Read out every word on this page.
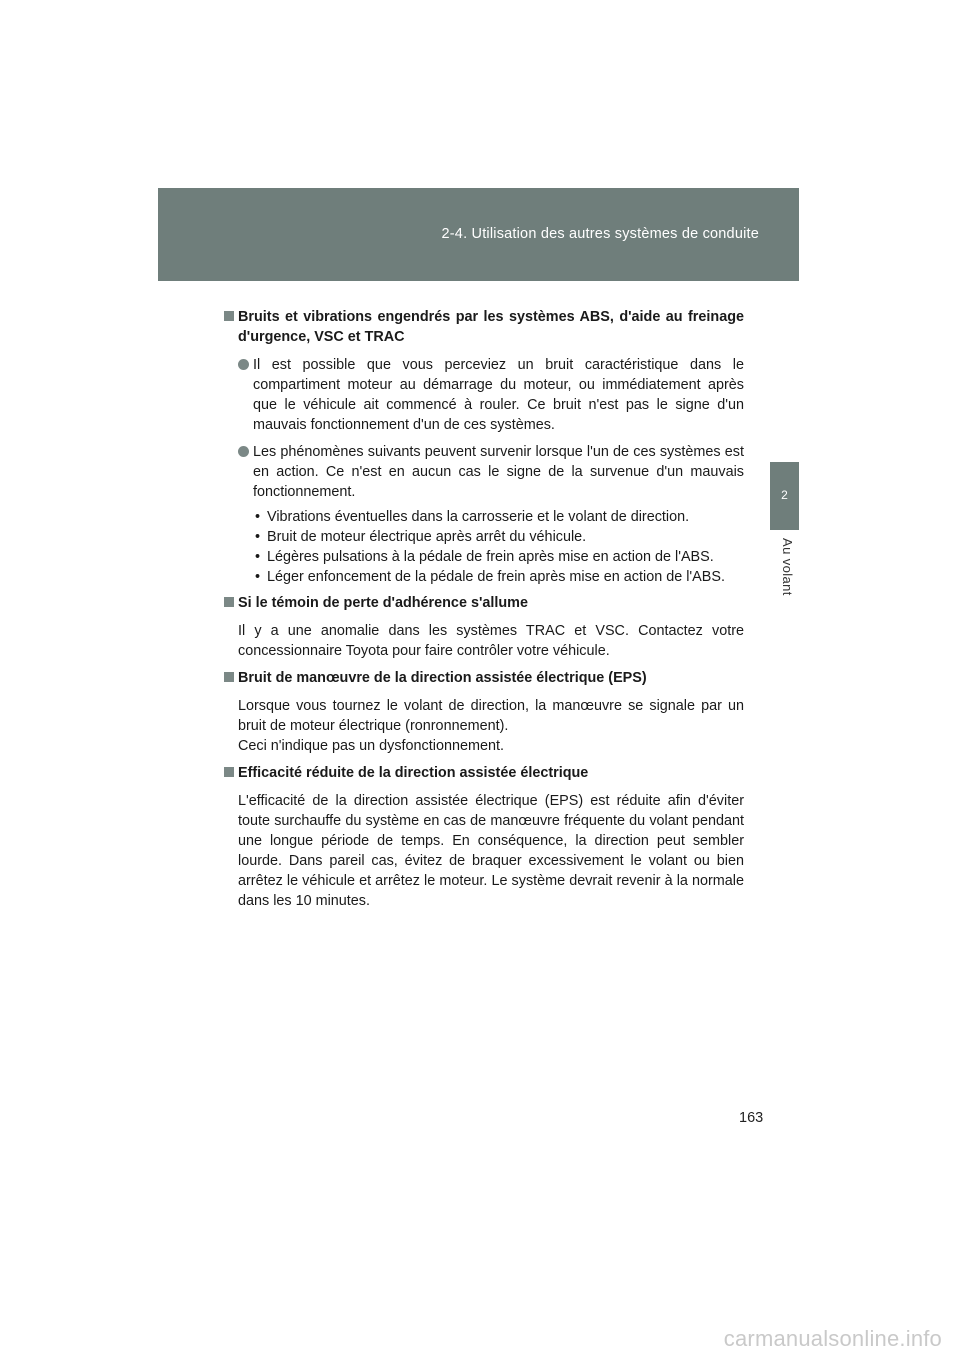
2-4. Utilisation des autres systèmes de conduite
2
Au volant
Bruits et vibrations engendrés par les systèmes ABS, d'aide au freinage d'urgence, VSC et TRAC
Il est possible que vous perceviez un bruit caractéristique dans le compartiment moteur au démarrage du moteur, ou immédiatement après que le véhicule ait commencé à rouler. Ce bruit n'est pas le signe d'un mauvais fonctionnement d'un de ces systèmes.
Les phénomènes suivants peuvent survenir lorsque l'un de ces systèmes est en action. Ce n'est en aucun cas le signe de la survenue d'un mauvais fonctionnement.
• Vibrations éventuelles dans la carrosserie et le volant de direction.
• Bruit de moteur électrique après arrêt du véhicule.
• Légères pulsations à la pédale de frein après mise en action de l'ABS.
• Léger enfoncement de la pédale de frein après mise en action de l'ABS.
Si le témoin de perte d'adhérence s'allume
Il y a une anomalie dans les systèmes TRAC et VSC. Contactez votre concessionnaire Toyota pour faire contrôler votre véhicule.
Bruit de manœuvre de la direction assistée électrique (EPS)
Lorsque vous tournez le volant de direction, la manœuvre se signale par un bruit de moteur électrique (ronronnement).
Ceci n'indique pas un dysfonctionnement.
Efficacité réduite de la direction assistée électrique
L'efficacité de la direction assistée électrique (EPS) est réduite afin d'éviter toute surchauffe du système en cas de manœuvre fréquente du volant pendant une longue période de temps. En conséquence, la direction peut sembler lourde. Dans pareil cas, évitez de braquer excessivement le volant ou bien arrêtez le véhicule et arrêtez le moteur. Le système devrait revenir à la normale dans les 10 minutes.
163
carmanualsonline.info
